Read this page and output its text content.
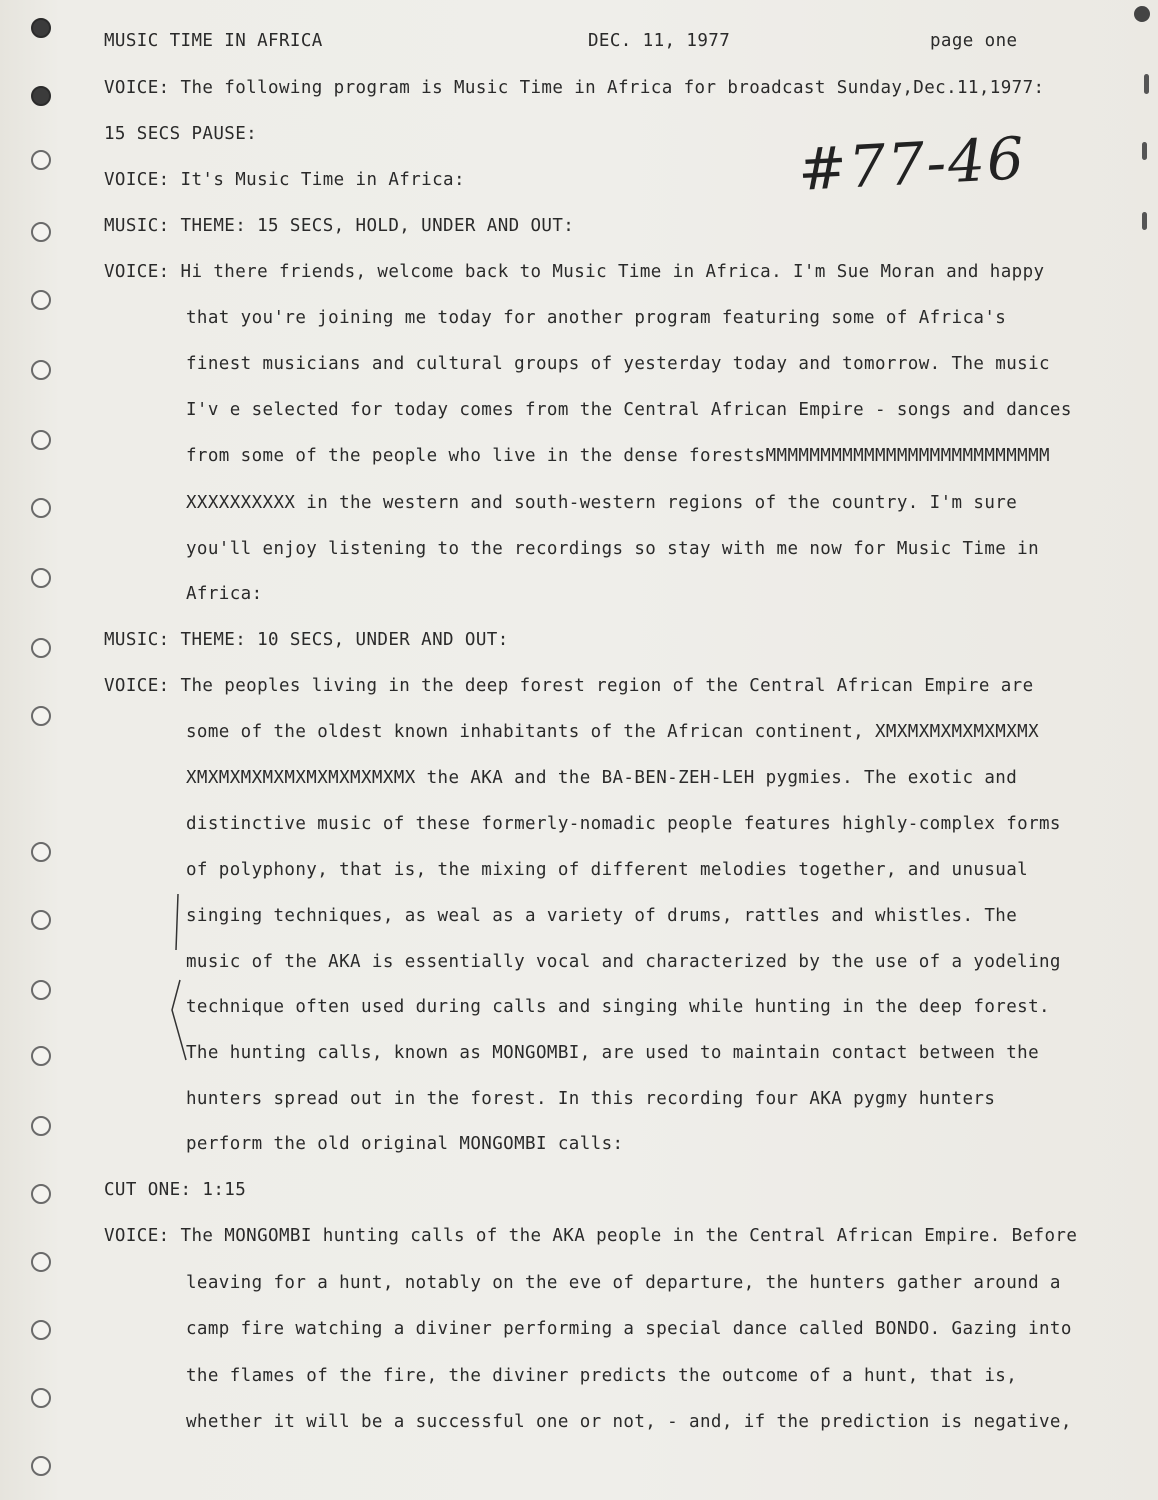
MUSIC TIME IN AFRICA	DEC. 11, 1977	page one
#77-46
VOICE: The following program is Music Time in Africa for broadcast Sunday,Dec.11,1977:
15 SECS PAUSE:
VOICE: It's Music Time in Africa:
MUSIC: THEME: 15 SECS, HOLD, UNDER AND OUT:
VOICE: Hi there friends, welcome back to Music Time in Africa. I'm Sue Moran and happy
that you're joining me today for another program featuring some of Africa's
finest musicians and cultural groups of yesterday today and tomorrow. The music
I'v e selected for today comes from the Central African Empire - songs and dances
from some of the people who live in the dense forestsMMMMMMMMMMMMMMMMMMMMMMMMMM
XXXXXXXXXX in the western and south-western regions of the country. I'm sure
you'll enjoy listening to the recordings so stay with me now for Music Time in
Africa:
MUSIC: THEME: 10 SECS, UNDER AND OUT:
VOICE: The peoples living in the deep forest region of the Central African Empire are
some of the oldest known inhabitants of the African continent, XMXMXMXMXMXMXMX
XMXMXMXMXMXMXMXMXMXMX the AKA and the BA-BEN-ZEH-LEH pygmies. The exotic and
distinctive music of these formerly-nomadic people features highly-complex forms
of polyphony, that is, the mixing of different melodies together, and unusual
singing techniques, as weal as a variety of drums, rattles and whistles. The
music of the AKA is essentially vocal and characterized by the use of a yodeling
technique often used during calls and singing while hunting in the deep forest.
The hunting calls, known as MONGOMBI, are used to maintain contact between the
hunters spread out in the forest. In this recording four AKA pygmy hunters
perform the old original MONGOMBI calls:
CUT ONE: 1:15
VOICE: The MONGOMBI hunting calls of the AKA people in the Central African Empire. Before
leaving for a hunt, notably on the eve of departure, the hunters gather around a
camp fire watching a diviner performing a special dance called BONDO. Gazing into
the flames of the fire, the diviner predicts the outcome of a hunt, that is,
whether it will be a successful one or not, - and, if the prediction is negative,
